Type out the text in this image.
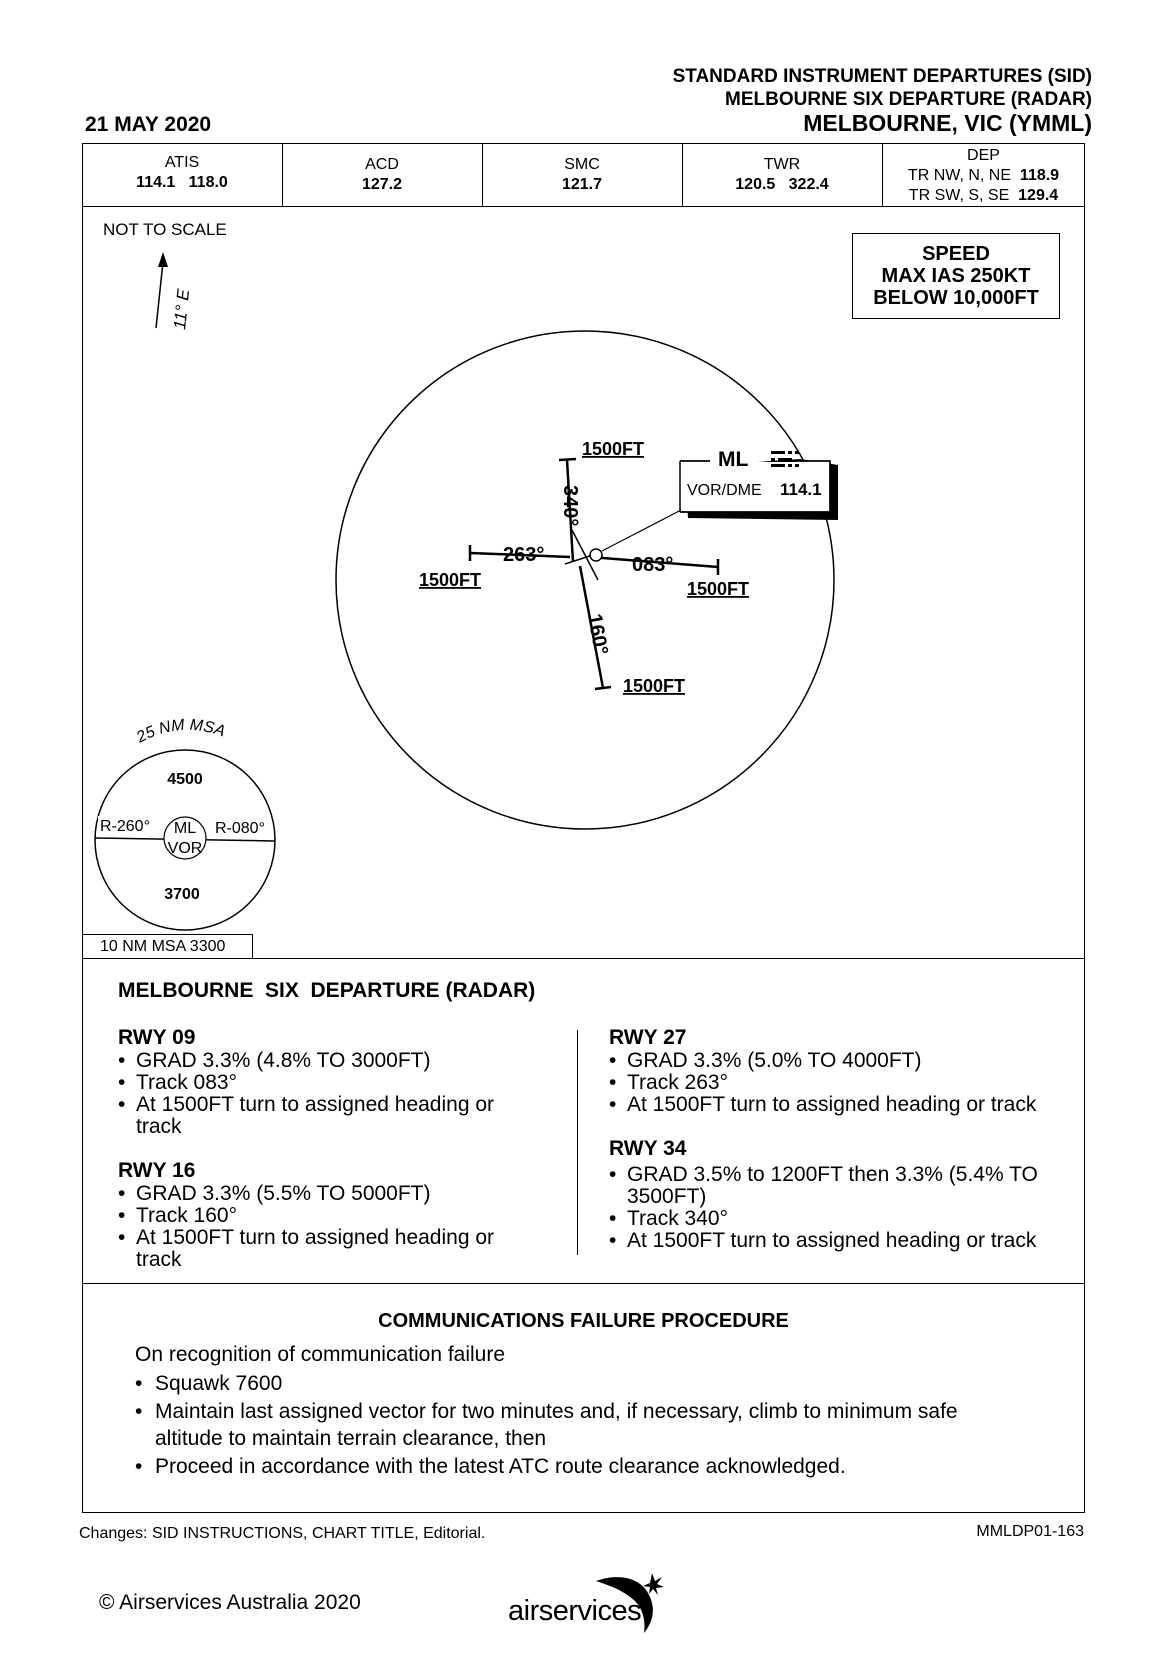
STANDARD INSTRUMENT DEPARTURES (SID)
MELBOURNE SIX DEPARTURE (RADAR)
MELBOURNE, VIC (YMML)
21 MAY 2020
ATIS
114.1   118.0
ACD
127.2
SMC
121.7
TWR
120.5   322.4
DEP
TR NW, N, NE 118.9
TR SW, S, SE 129.4
NOT TO SCALE
SPEED
MAX IAS 250KT
BELOW 10,000FT
11° E
340°
263°	083°
160°
1500FT
1500FT	1500FT
1500FT
ML
VOR/DME 114.1
25 NM MSA
4500
3700
R-260°	R-080°
ML
VOR
10 NM MSA 3300
MELBOURNE  SIX  DEPARTURE (RADAR)
RWY 09
• GRAD 3.3% (4.8% TO 3000FT)
• Track 083°
• At 1500FT turn to assigned heading or track
RWY 16
• GRAD 3.3% (5.5% TO 5000FT)
• Track 160°
• At 1500FT turn to assigned heading or track
RWY 27
• GRAD 3.3% (5.0% TO 4000FT)
• Track 263°
• At 1500FT turn to assigned heading or track
RWY 34
• GRAD 3.5% to 1200FT then 3.3% (5.4% TO 3500FT)
• Track 340°
• At 1500FT turn to assigned heading or track
COMMUNICATIONS FAILURE PROCEDURE
On recognition of communication failure
• Squawk 7600
• Maintain last assigned vector for two minutes and, if necessary, climb to minimum safe altitude to maintain terrain clearance, then
• Proceed in accordance with the latest ATC route clearance acknowledged.
Changes: SID INSTRUCTIONS, CHART TITLE, Editorial.	MMLDP01-163
© Airservices Australia 2020	airservices
